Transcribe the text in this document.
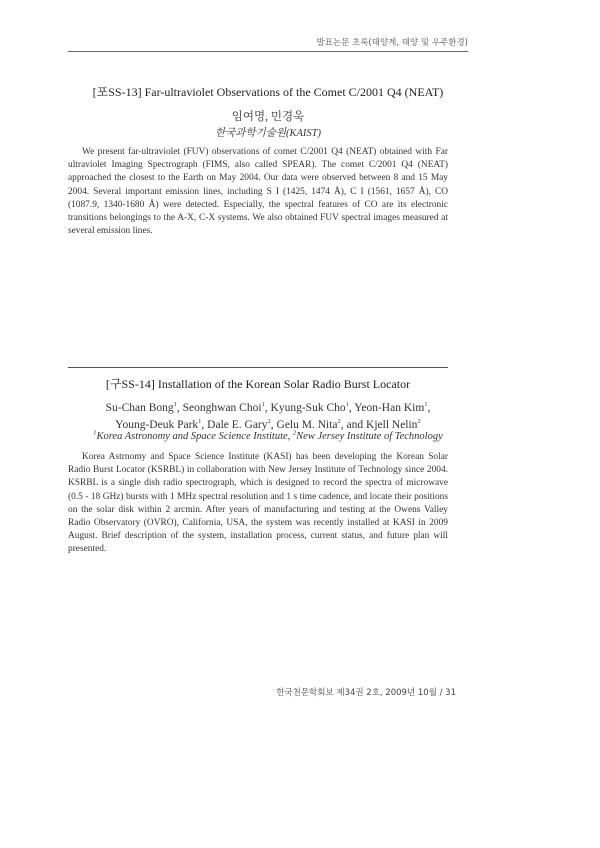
발표논문 초록(태양계, 태양 및 우주환경)
[포SS-13] Far-ultraviolet Observations of the Comet C/2001 Q4 (NEAT)
임여명, 민경욱
한국과학기술원(KAIST)

We present far-ultraviolet (FUV) observations of comet C/2001 Q4 (NEAT) obtained with Far ultraviolet Imaging Spectrograph (FIMS, also called SPEAR). The comet C/2001 Q4 (NEAT) approached the closest to the Earth on May 2004. Our data were observed between 8 and 15 May 2004. Several important emission lines, including S I (1425, 1474 Å), C I (1561, 1657 Å), CO (1087.9, 1340-1680 Å) were detected. Especially, the spectral features of CO are its electronic transitions belongings to the A-X, C-X systems. We also obtained FUV spectral images measured at several emission lines.

[구SS-14] Installation of the Korean Solar Radio Burst Locator
Su-Chan Bong$^1$, Seonghwan Choi$^1$, Kyung-Suk Cho$^1$, Yeon-Han Kim$^1$,
Young-Deuk Park$^1$, Dale E. Gary$^2$, Gelu M. Nita$^2$, and Kjell Nelin$^2$
$^1$Korea Astronomy and Space Science Institute, $^2$New Jersey Institute of Technology

Korea Astrnomy and Space Science Institute (KASI) has been developing the Korean Solar Radio Burst Locator (KSRBL) in collaboration with New Jersey Institute of Technology since 2004. KSRBL is a single dish radio spectrograph, which is designed to record the spectra of microwave (0.5 - 18 GHz) bursts with 1 MHz spectral resolution and 1 s time cadence, and locate their positions on the solar disk within 2 arcmin. After years of manufacturing and testing at the Owens Valley Radio Observatory (OVRO), California, USA, the system was recently installed at KASI in 2009 August. Brief description of the system, installation process, current status, and future plan will presented.

한국천문학회보 제34권 2호, 2009년 10월 / 31
